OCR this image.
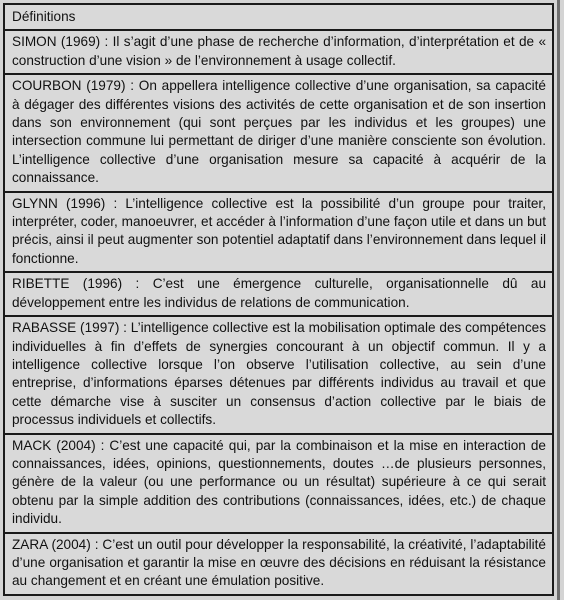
Définitions
SIMON (1969) : Il s’agit d’une phase de recherche d’information, d’interprétation et de « construction d’une vision » de l’environnement à usage collectif.
COURBON (1979) : On appellera intelligence collective d’une organisation, sa capacité à dégager des différentes visions des activités de cette organisation et de son insertion dans son environnement (qui sont perçues par les individus et les groupes) une intersection commune lui permettant de diriger d’une manière consciente son évolution. L’intelligence collective d’une organisation mesure sa capacité à acquérir de la connaissance.
GLYNN (1996) : L’intelligence collective est la possibilité d’un groupe pour traiter, interpréter, coder, manoeuvrer, et accéder à l’information d’une façon utile et dans un but précis, ainsi il peut augmenter son potentiel adaptatif dans l’environnement dans lequel il fonctionne.
RIBETTE (1996) : C’est une émergence culturelle, organisationnelle dû au développement entre les individus de relations de communication.
RABASSE (1997) : L’intelligence collective est la mobilisation optimale des compétences individuelles à fin d’effets de synergies concourant à un objectif commun. Il y a intelligence collective lorsque l’on observe l’utilisation collective, au sein d’une entreprise, d’informations éparses détenues par différents individus au travail et que cette démarche vise à susciter un consensus d’action collective par le biais de processus individuels et collectifs.
MACK (2004) : C’est une capacité qui, par la combinaison et la mise en interaction de connaissances, idées, opinions, questionnements, doutes …de plusieurs personnes, génère de la valeur (ou une performance ou un résultat) supérieure à ce qui serait obtenu par la simple addition des contributions (connaissances, idées, etc.) de chaque individu.
ZARA (2004) : C’est un outil pour développer la responsabilité, la créativité, l’adaptabilité d’une organisation et garantir la mise en œuvre des décisions en réduisant la résistance au changement et en créant une émulation positive.
